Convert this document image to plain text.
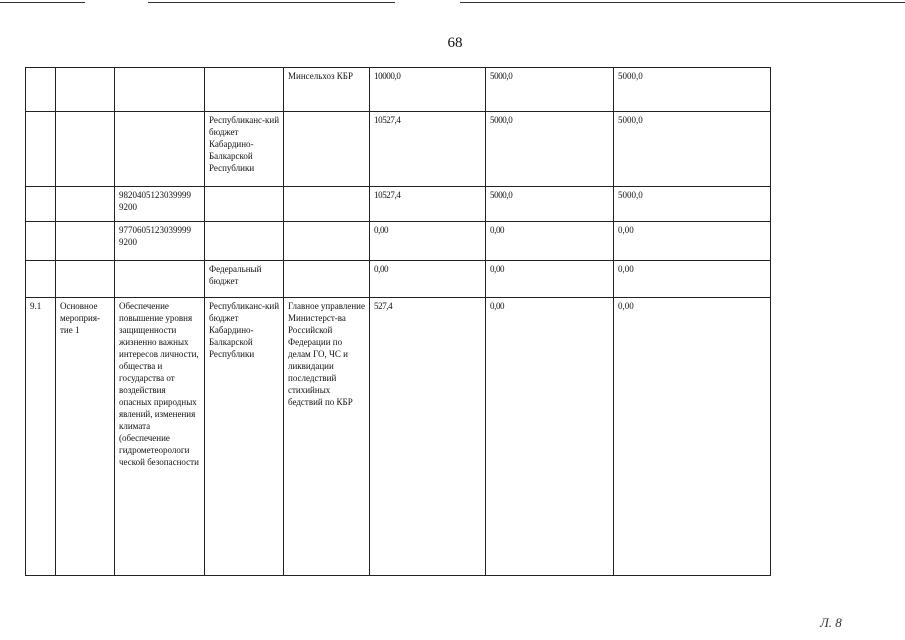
68
				Минсельхоз КБР	10000,0	5000,0	5000,0
			Республиканс-кий бюджет Кабардино-Балкарской Республики		10527,4	5000,0	5000,0
		9820405123039999 9200			10527,4	5000,0	5000,0
		9770605123039999 9200			0,00	0,00	0,00
			Федеральный бюджет		0,00	0,00	0,00
9.1	Основное мероприя-тие 1	Обеспечение повышение уровня защищенности жизненно важных интересов личности, общества и государства от воздействия опасных природных явлений, изменения климата (обеспечение гидрометеорологи ческой безопасности	Республиканс-кий бюджет Кабардино-Балкарской Республики	Главное управление Министерст-ва Российской Федерации по делам ГО, ЧС и ликвидации последствий стихийных бедствий по КБР	527,4	0,00	0,00
Л. 8
